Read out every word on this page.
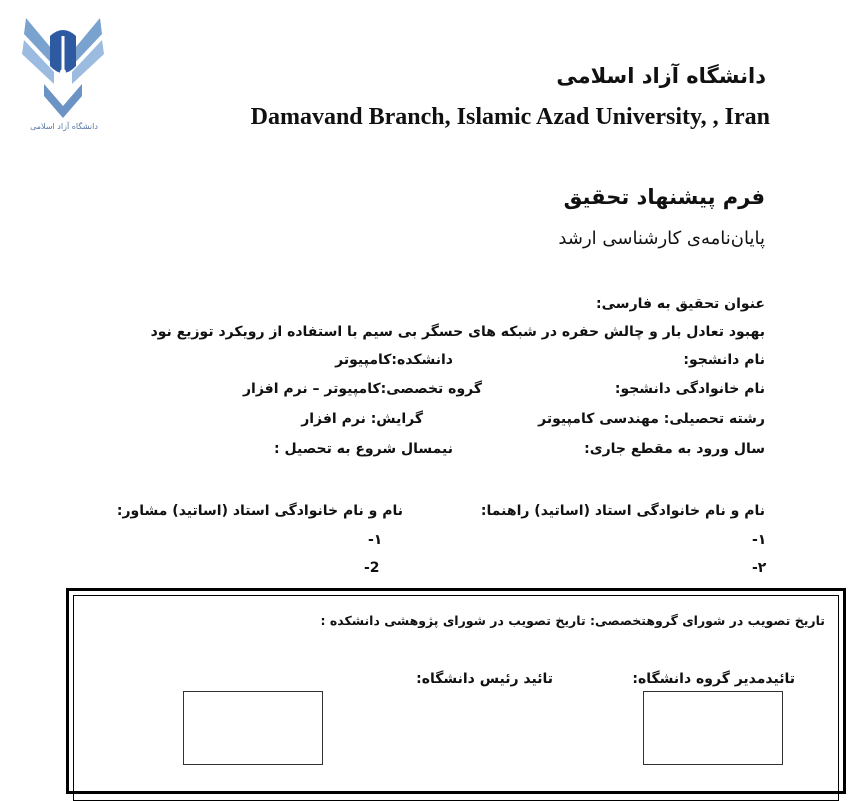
دانشگاه آزاد اسلامی
دانشگاه آزاد اسلامی
Damavand Branch, Islamic Azad University, , Iran
فرم پیشنهاد تحقیق
پایان‌نامه‌ی کارشناسی ارشد
عنوان تحقیق به فارسی:
بهبود تعادل بار و چالش حفره در شبکه های حسگر بی سیم با استفاده از رویکرد توزیع نود
نام دانشجو:
دانشکده:کامپیوتر
نام خانوادگی دانشجو:
گروه تخصصی:کامپیوتر – نرم افزار
رشته تحصیلی: مهندسی کامپیوتر
گرایش: نرم افزار
سال ورود به مقطع جاری:
نیمسال شروع به تحصیل :
نام و نام خانوادگی استاد (اساتید) راهنما:
نام و نام خانوادگی استاد (اساتید) مشاور:
-۱
-۲
-۱
-2
تاریخ تصویب در شورای گروهتخصصی: تاریخ تصویب در شورای پژوهشی دانشکده :
تائیدمدیر گروه دانشگاه:
تائید رئیس دانشگاه:
